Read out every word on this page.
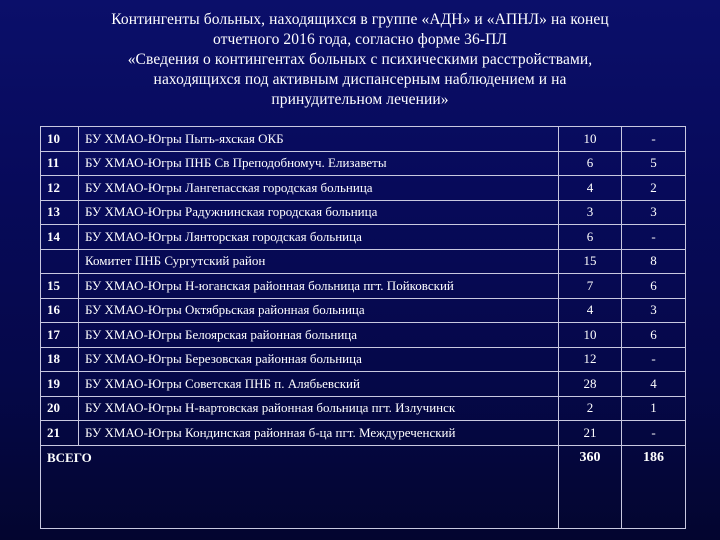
Контингенты больных, находящихся в группе «АДН» и «АПНЛ» на конец
отчетного 2016 года, согласно форме 36-ПЛ
«Сведения о контингентах больных с психическими расстройствами,
находящихся под активным диспансерным наблюдением и на
принудительном лечении»
10	БУ ХМАО-Югры Пыть-яхская ОКБ	10	-
11	БУ ХМАО-Югры ПНБ Св Преподобномуч. Елизаветы	6	5
12	БУ ХМАО-Югры Лангепасская городская больница	4	2
13	БУ ХМАО-Югры Радужнинская городская больница	3	3
14	БУ ХМАО-Югры Лянторская городская больница	6	-
	Комитет ПНБ Сургутский район	15	8
15	БУ ХМАО-Югры Н-юганская районная больница пгт. Пойковский	7	6
16	БУ ХМАО-Югры Октябрьская районная больница	4	3
17	БУ ХМАО-Югры Белоярская районная больница	10	6
18	БУ ХМАО-Югры Березовская районная больница	12	-
19	БУ ХМАО-Югры Советская ПНБ п. Алябьевский	28	4
20	БУ ХМАО-Югры Н-вартовская районная больница пгт. Излучинск	2	1
21	БУ ХМАО-Югры Кондинская районная б-ца пгт. Междуреченский	21	-
ВСЕГО		360	186
